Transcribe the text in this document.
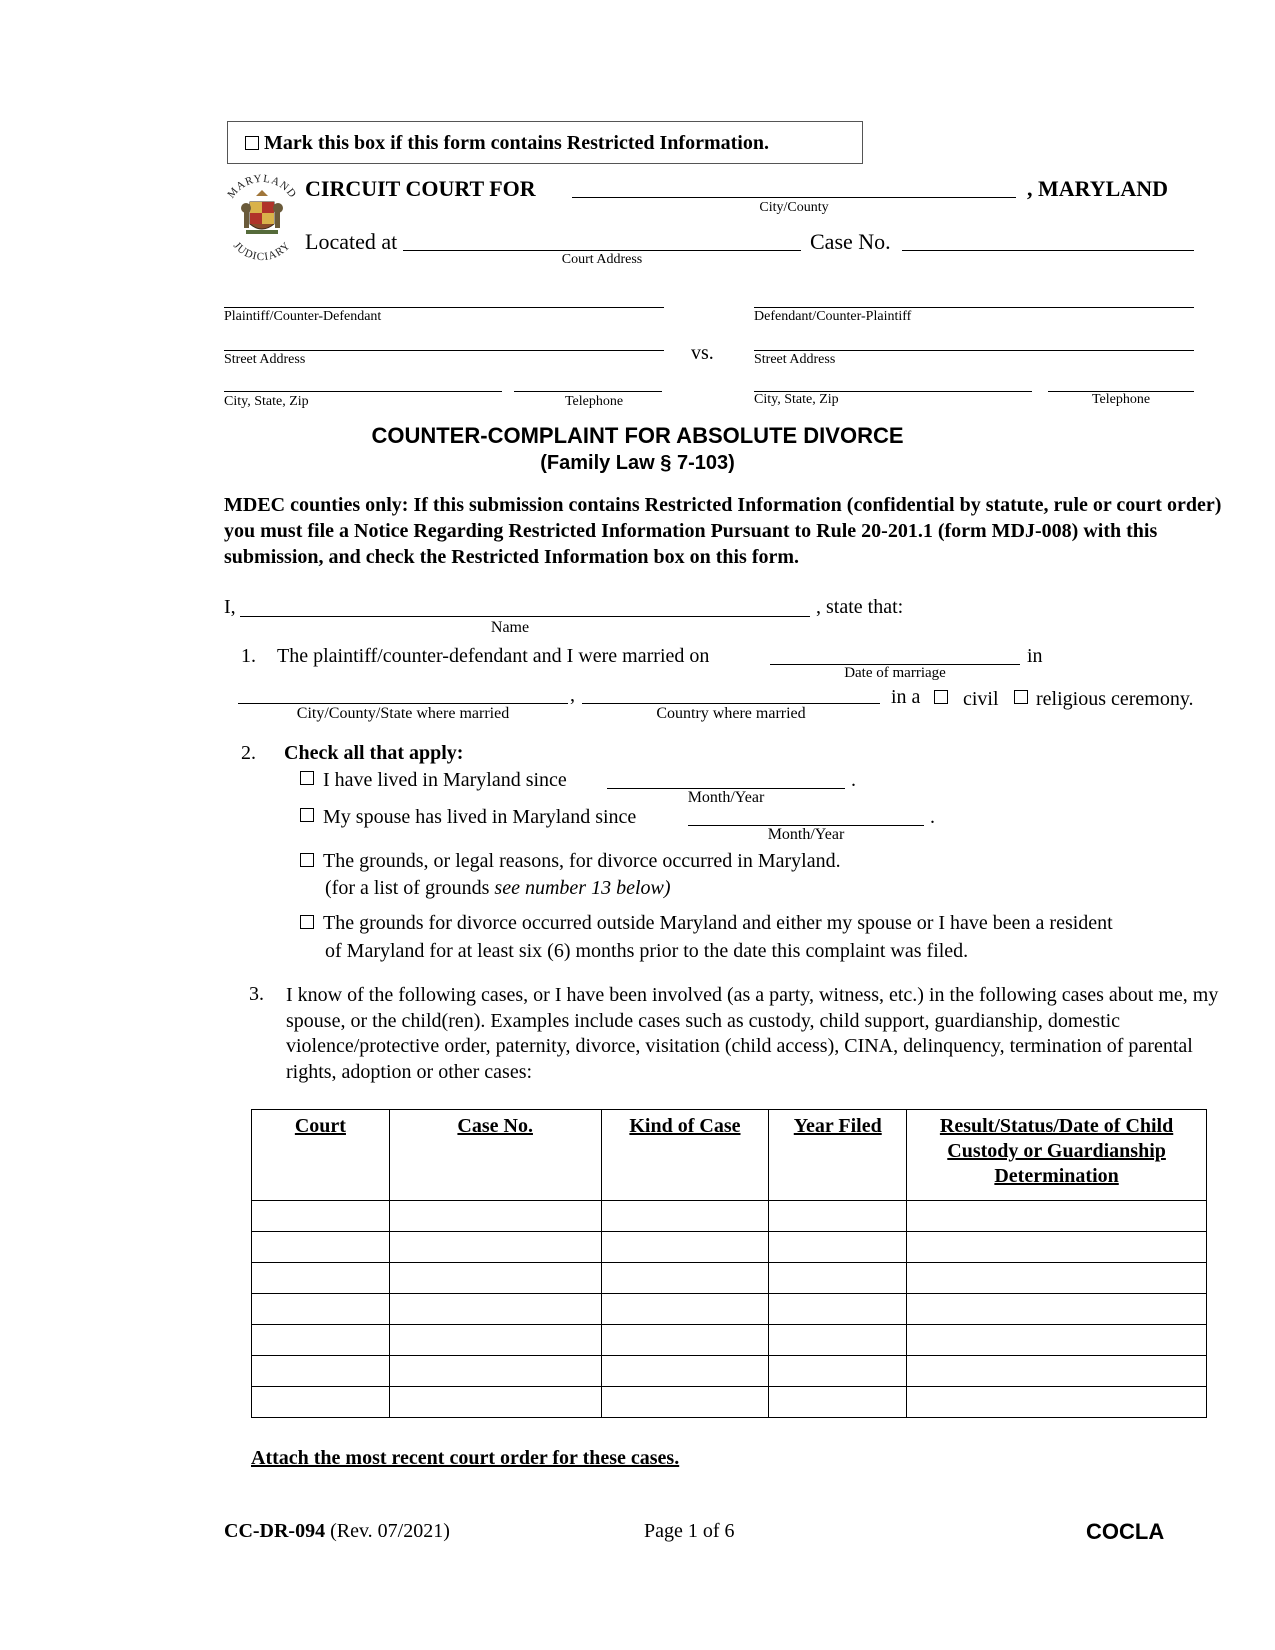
Mark this box if this form contains Restricted Information.
MARYLAND
JUDICIARY
CIRCUIT COURT FOR
City/County
, MARYLAND
Located at
Court Address
Case No.
Plaintiff/Counter-Defendant	Defendant/Counter-Plaintiff
Street Address	vs.	Street Address
City, State, Zip	Telephone	City, State, Zip	Telephone
COUNTER-COMPLAINT FOR ABSOLUTE DIVORCE
(Family Law § 7-103)
MDEC counties only: If this submission contains Restricted Information (confidential by statute, rule or court order) you must file a Notice Regarding Restricted Information Pursuant to Rule 20-201.1 (form MDJ-008) with this submission, and check the Restricted Information box on this form.
I,
Name
, state that:
1. The plaintiff/counter-defendant and I were married on
Date of marriage
in
City/County/State where married
,
Country where married
in a civil religious ceremony.
2. Check all that apply:
I have lived in Maryland since
Month/Year
.
My spouse has lived in Maryland since
Month/Year
.
The grounds, or legal reasons, for divorce occurred in Maryland.
(for a list of grounds see number 13 below)
The grounds for divorce occurred outside Maryland and either my spouse or I have been a resident
of Maryland for at least six (6) months prior to the date this complaint was filed.
3. I know of the following cases, or I have been involved (as a party, witness, etc.) in the following cases about me, my spouse, or the child(ren). Examples include cases such as custody, child support, guardianship, domestic violence/protective order, paternity, divorce, visitation (child access), CINA, delinquency, termination of parental rights, adoption or other cases:
Court	Case No.	Kind of Case	Year Filed	Result/Status/Date of Child Custody or Guardianship Determination

Attach the most recent court order for these cases.
CC-DR-094 (Rev. 07/2021)	Page 1 of 6	COCLA
